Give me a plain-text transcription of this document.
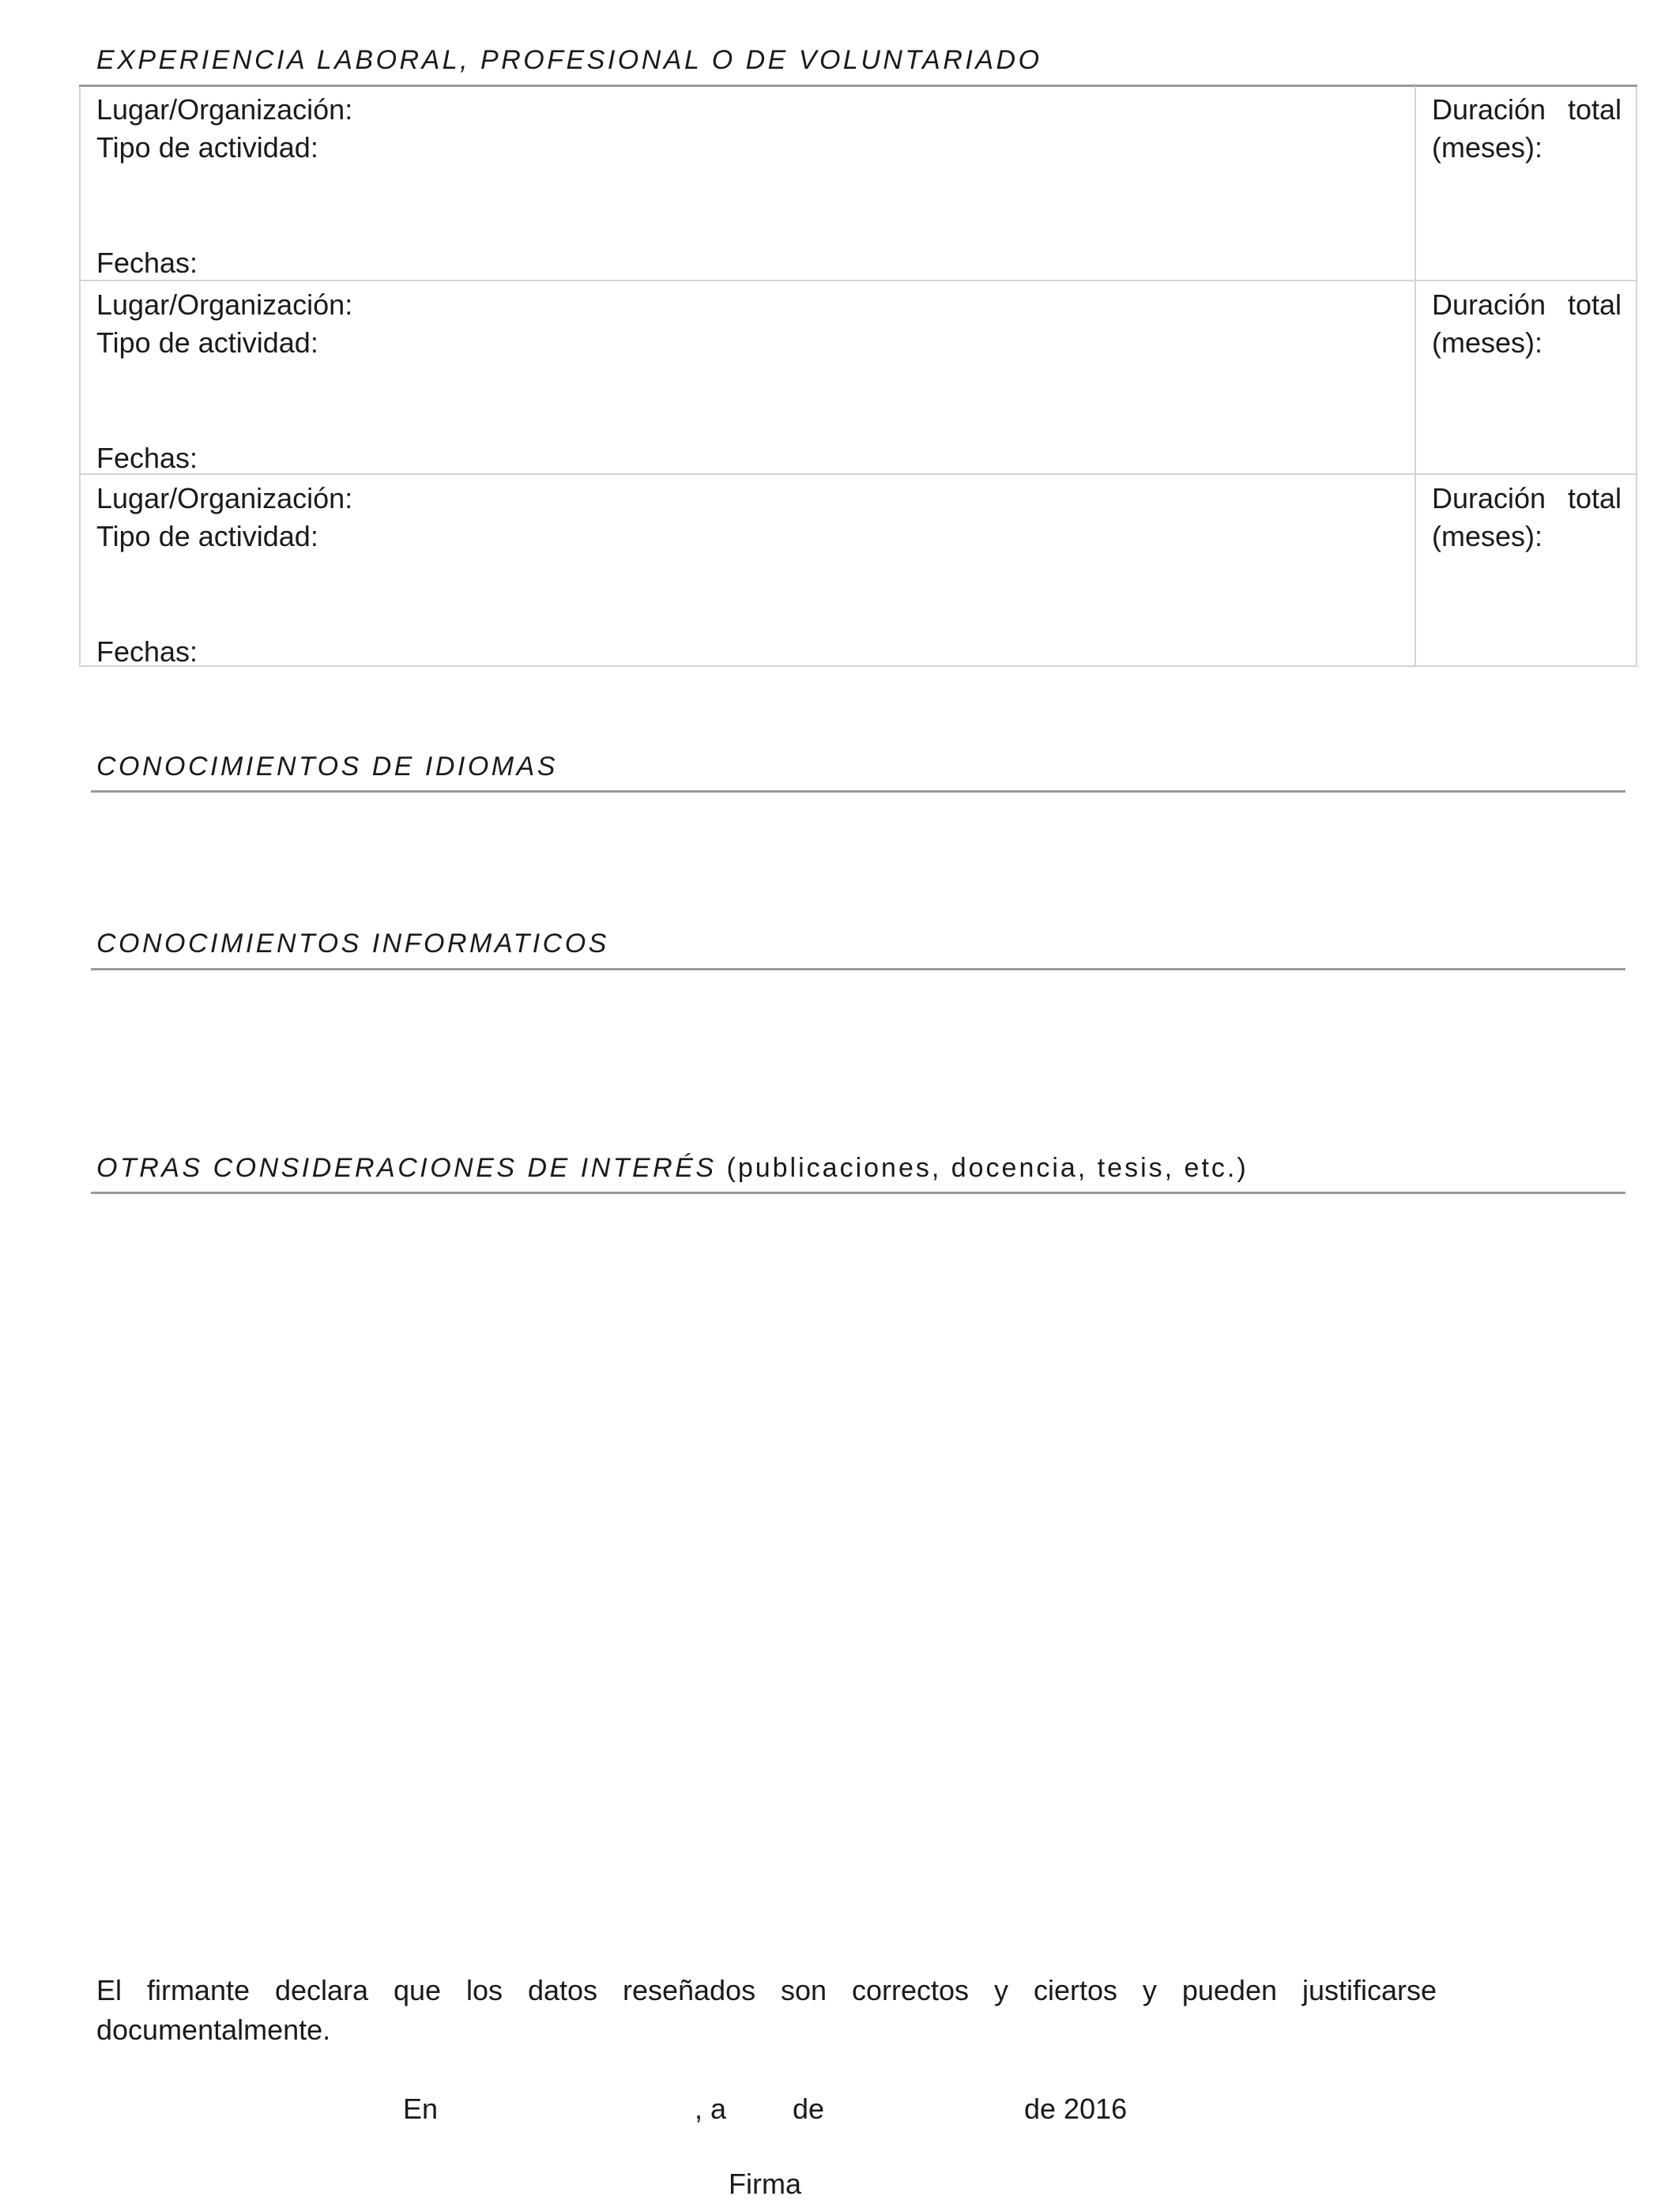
EXPERIENCIA LABORAL, PROFESIONAL O DE VOLUNTARIADO
Lugar/Organización:
Tipo de actividad:
Fechas:
Duración total
(meses):
Lugar/Organización:
Tipo de actividad:
Fechas:
Duración total
(meses):
Lugar/Organización:
Tipo de actividad:
Fechas:
Duración total
(meses):
CONOCIMIENTOS DE IDIOMAS
CONOCIMIENTOS INFORMATICOS
OTRAS CONSIDERACIONES DE INTERÉS (publicaciones, docencia, tesis, etc.)
El firmante declara que los datos reseñados son correctos y ciertos y pueden justificarse
documentalmente.
En	, a de	de 2016
Firma
